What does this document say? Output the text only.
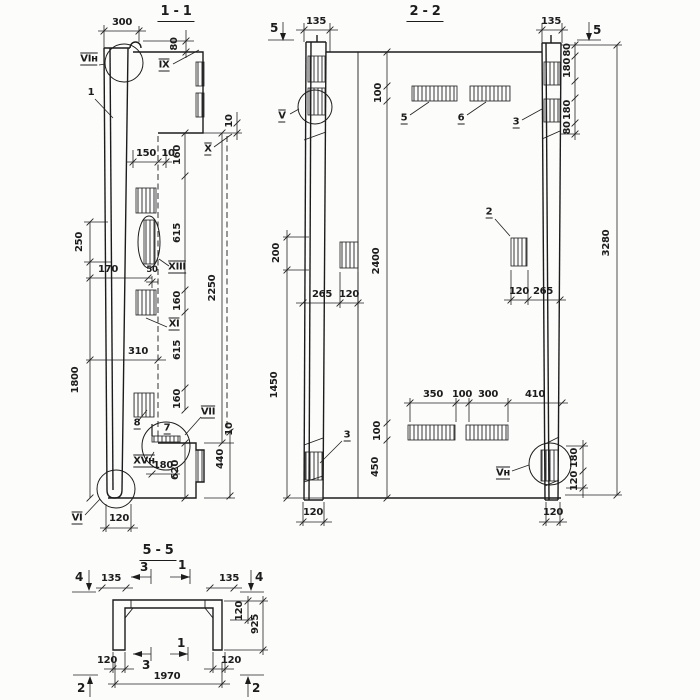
1 - 1
300
80
VIн
1
$\overline{IX}$
10
$\overline{X}$
150 10
160
615
160
615
160
2250
250
170	50 XIII
$\overline{XI}$
310
1800
8 7
$\overline{VII}$
10
XVн
180
620
440
$\overline{VI}$	120
2 - 2
5	135	135
5
$\overline{V}$
80
180
180
80
100
5	6	3
200
1450
265 120
2400
2
120 265
3280
350 100 300	410
100
450
3
Vн
180
120
120	120
5 - 5
4 135
3 1
135 4
120
925
120 3
1
120
1970
2	2
